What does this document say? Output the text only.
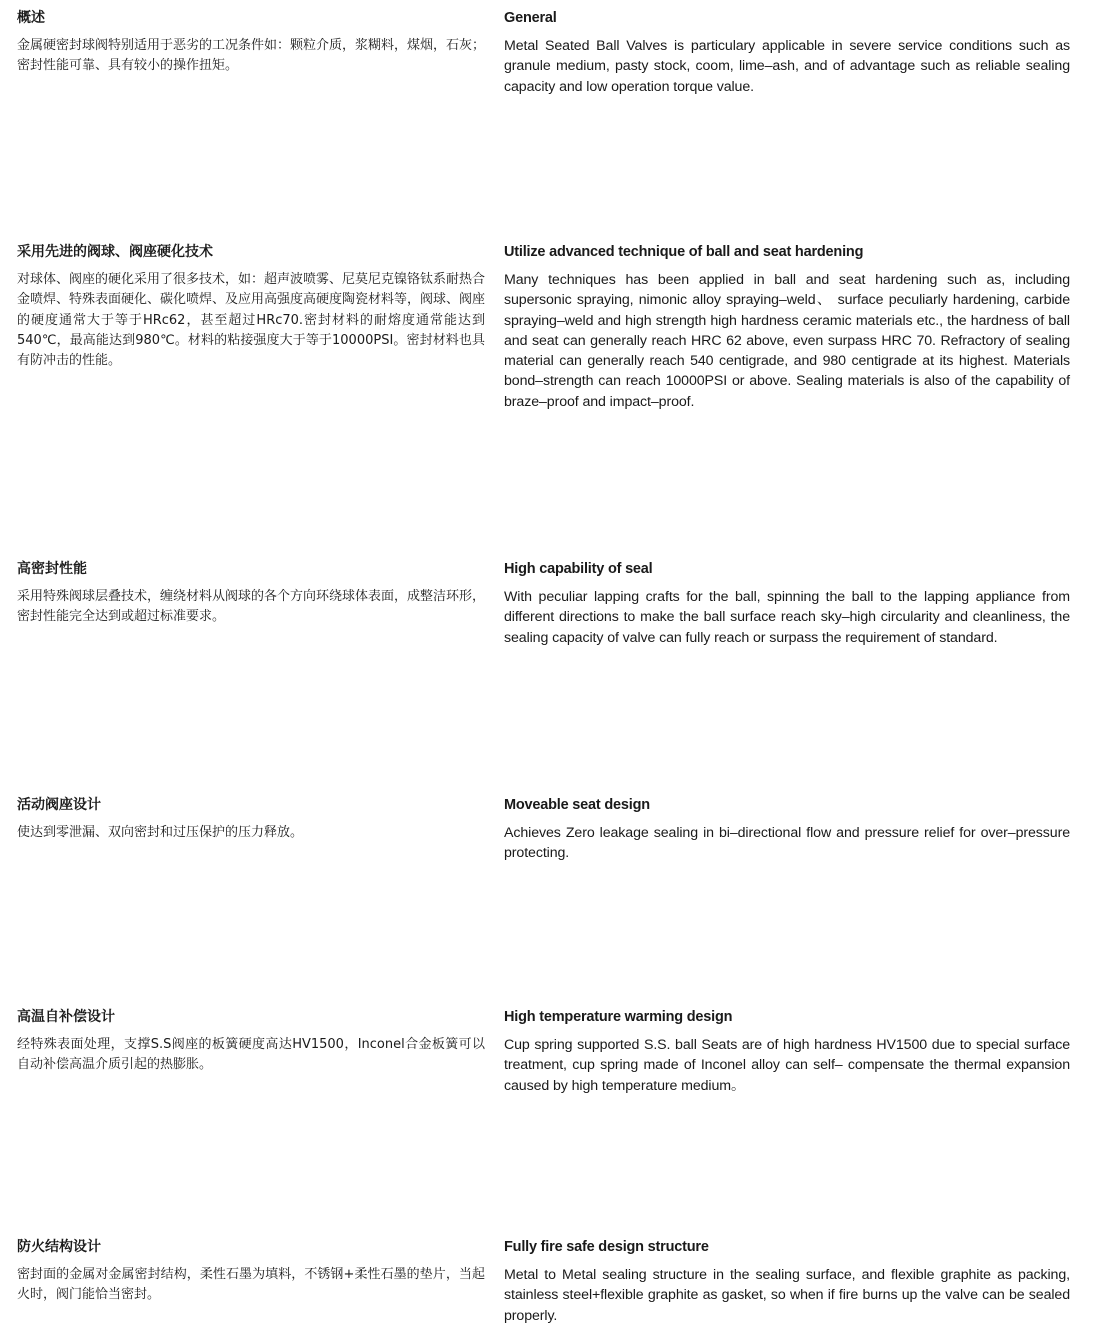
概述

金属硬密封球阀特别适用于恶劣的工况条件如：颗粒介质，浆糊料，煤烟，石灰；密封性能可靠、具有较小的操作扭矩。

General

Metal Seated Ball Valves is particulary applicable in severe service conditions such as granule medium, pasty stock, coom, lime–ash, and of advantage such as reliable sealing capacity and low operation torque value.

采用先进的阀球、阀座硬化技术

对球体、阀座的硬化采用了很多技术，如：超声波喷雾、尼莫尼克镍铬钛系耐热合金喷焊、特殊表面硬化、碳化喷焊、及应用高强度高硬度陶瓷材料等，阀球、阀座的硬度通常大于等于HRc62，甚至超过HRc70.密封材料的耐熔度通常能达到540℃，最高能达到980℃。材料的粘接强度大于等于10000PSI。密封材料也具有防冲击的性能。

Utilize advanced technique of ball and seat hardening

Many techniques has been applied in ball and seat hardening such as, including supersonic spraying, nimonic alloy spraying–weld、 surface peculiarly hardening, carbide spraying–weld and high strength high hardness ceramic materials etc., the hardness of ball and seat can generally reach HRC 62 above, even surpass HRC 70. Refractory of sealing material can generally reach 540 centigrade, and 980 centigrade at its highest. Materials bond–strength can reach 10000PSI or above. Sealing materials is also of the capability of braze–proof and impact–proof.

高密封性能

采用特殊阀球层叠技术，缠绕材料从阀球的各个方向环绕球体表面，成整洁环形，密封性能完全达到或超过标准要求。

High capability of seal

With peculiar lapping crafts for the ball, spinning the ball to the lapping appliance from different directions to make the ball surface reach sky–high circularity and cleanliness, the sealing capacity of valve can fully reach or surpass the requirement of standard.

活动阀座设计

使达到零泄漏、双向密封和过压保护的压力释放。

Moveable seat design

Achieves Zero leakage sealing in bi–directional flow and pressure relief for over–pressure protecting.

高温自补偿设计

经特殊表面处理，支撑S.S阀座的板簧硬度高达HV1500，Inconel合金板簧可以自动补偿高温介质引起的热膨胀。

High temperature warming design

Cup spring supported S.S. ball Seats are of high hardness HV1500 due to special surface treatment, cup spring made of Inconel alloy can self– compensate the thermal expansion caused by high temperature medium。

防火结构设计

密封面的金属对金属密封结构，柔性石墨为填料，不锈钢+柔性石墨的垫片，当起火时，阀门能恰当密封。

Fully fire safe design structure

Metal to Metal sealing structure in the sealing surface, and flexible graphite as packing, stainless steel+flexible graphite as gasket, so when if fire burns up the valve can be sealed properly.
